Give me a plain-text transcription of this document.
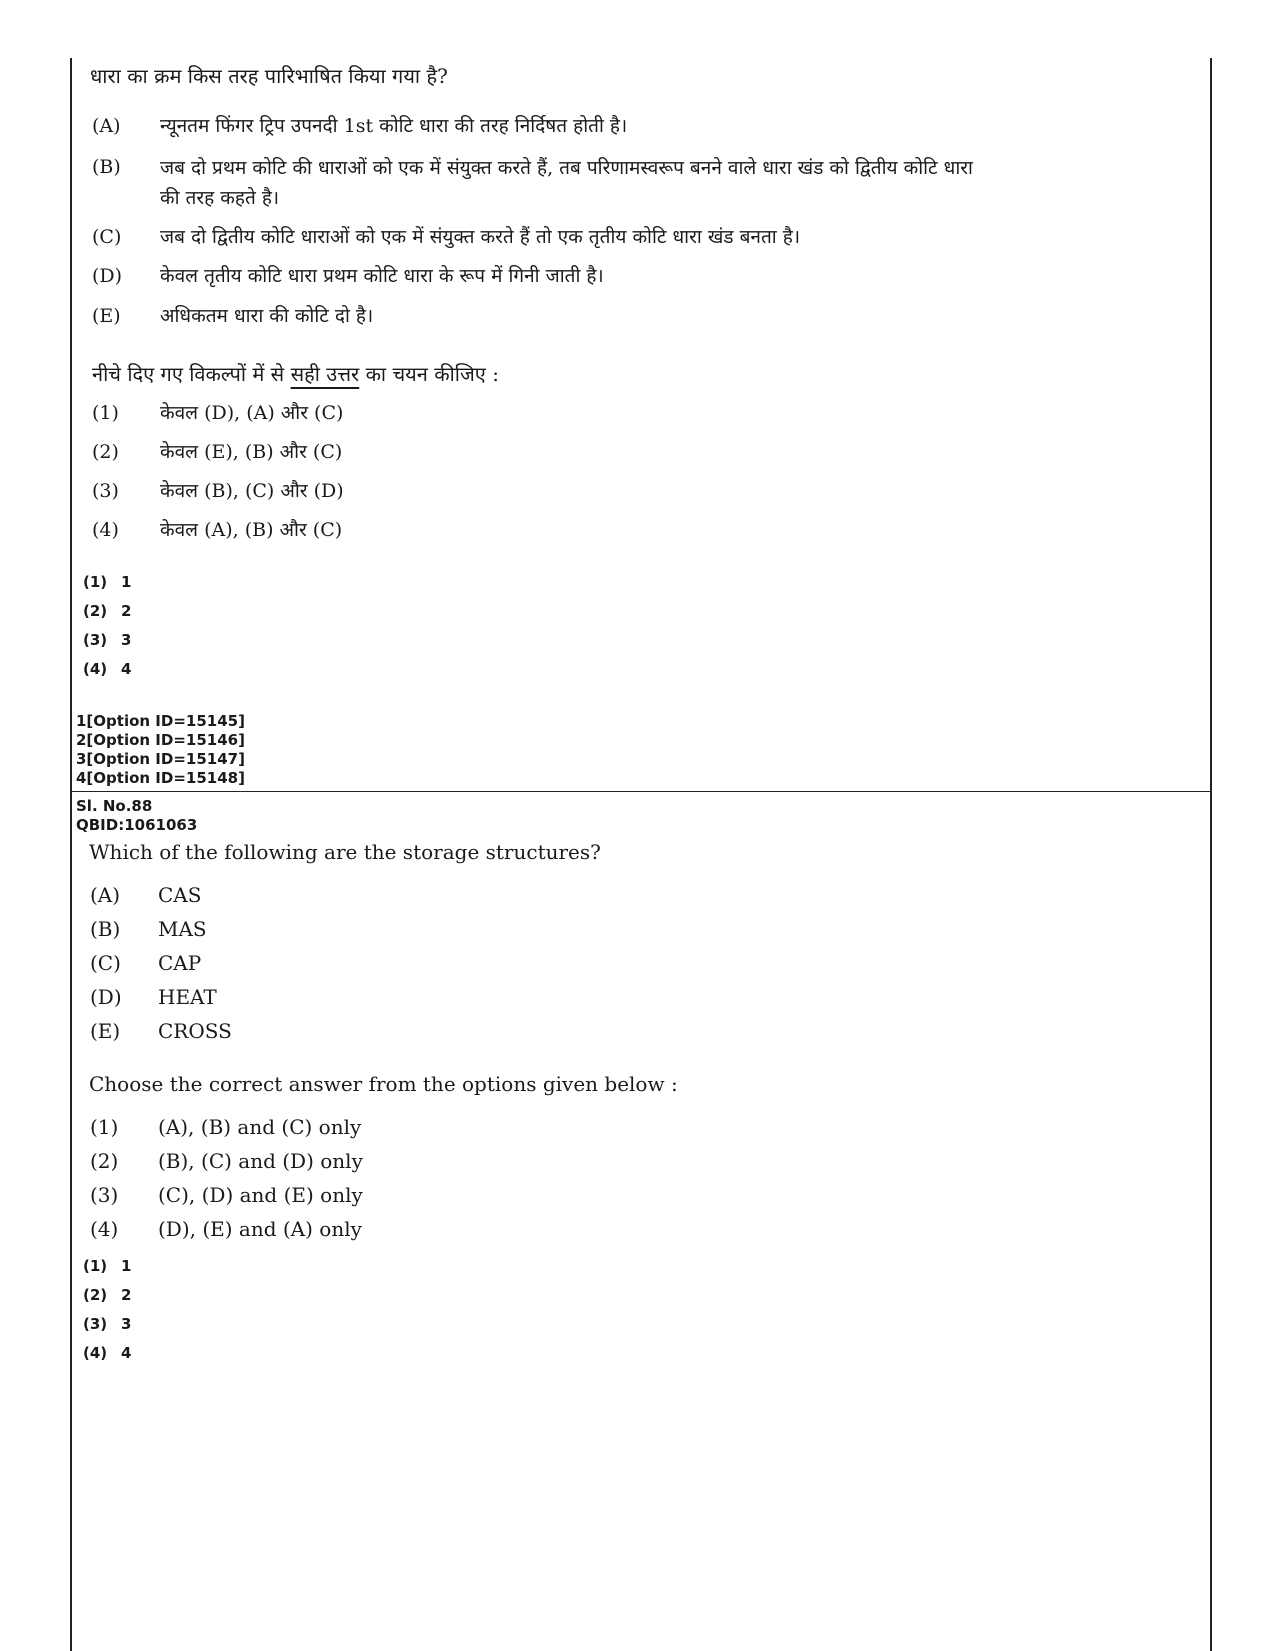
धारा का क्रम किस तरह पारिभाषित किया गया है?
(A)	न्यूनतम फिंगर ट्रिप उपनदी 1st कोटि धारा की तरह निर्दिषत होती है।
(B)	जब दो प्रथम कोटि की धाराओं को एक में संयुक्त करते हैं, तब परिणामस्वरूप बनने वाले धारा खंड को द्वितीय कोटि धारा की तरह कहते है।
(C)	जब दो द्वितीय कोटि धाराओं को एक में संयुक्त करते हैं तो एक तृतीय कोटि धारा खंड बनता है।
(D)	केवल तृतीय कोटि धारा प्रथम कोटि धारा के रूप में गिनी जाती है।
(E)	अधिकतम धारा की कोटि दो है।
नीचे दिए गए विकल्पों में से सही उत्तर का चयन कीजिए :
(1)	केवल (D), (A) और (C)
(2)	केवल (E), (B) और (C)
(3)	केवल (B), (C) और (D)
(4)	केवल (A), (B) और (C)
(1) 1
(2) 2
(3) 3
(4) 4
1[Option ID=15145]
2[Option ID=15146]
3[Option ID=15147]
4[Option ID=15148]
Sl. No.88
QBID:1061063
Which of the following are the storage structures?
(A)	CAS
(B)	MAS
(C)	CAP
(D)	HEAT
(E)	CROSS
Choose the correct answer from the options given below :
(1)	(A), (B) and (C) only
(2)	(B), (C) and (D) only
(3)	(C), (D) and (E) only
(4)	(D), (E) and (A) only
(1) 1
(2) 2
(3) 3
(4) 4
